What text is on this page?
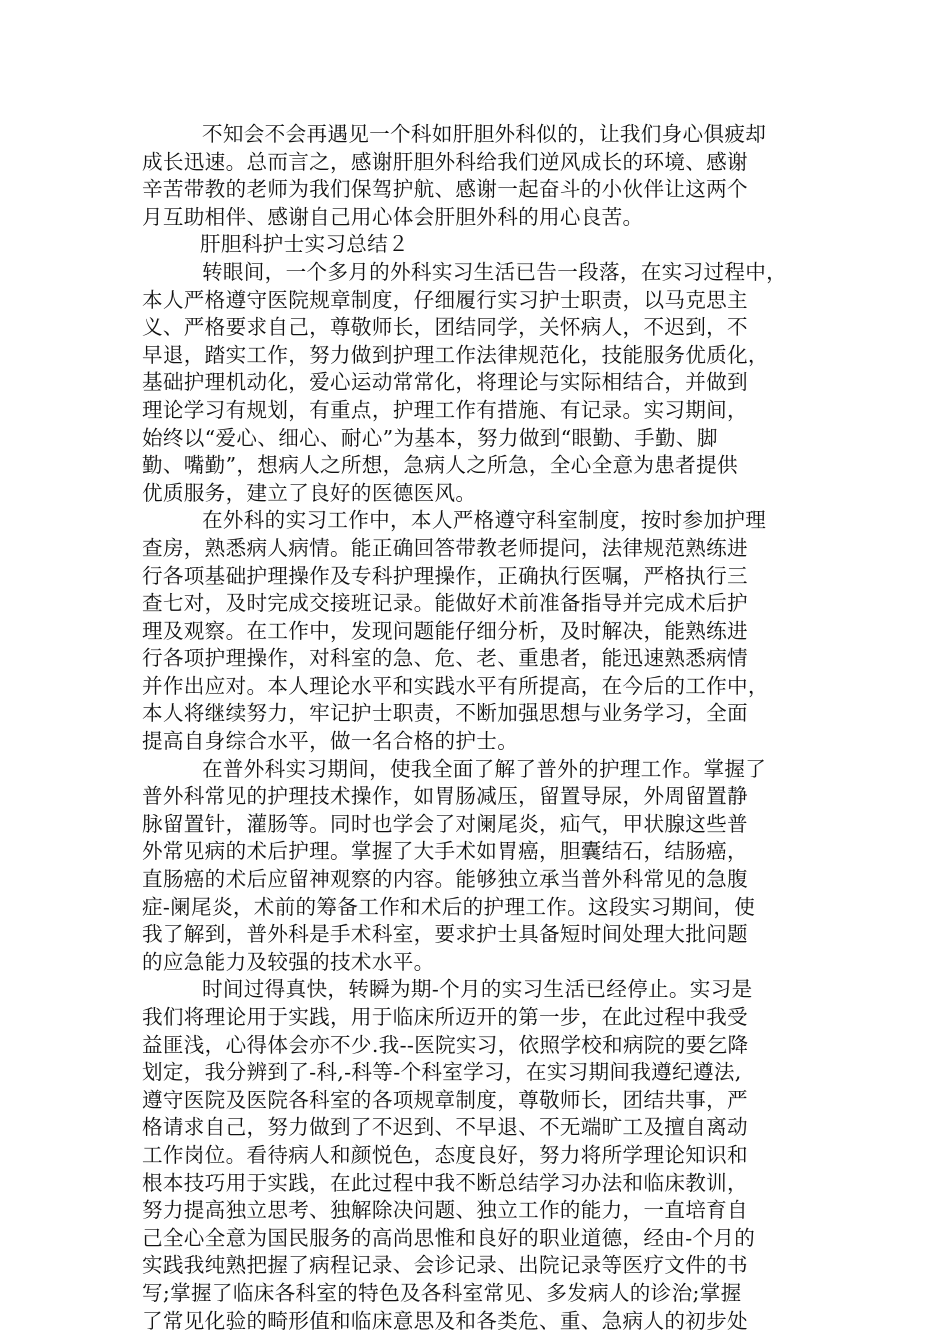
不知会不会再遇见一个科如肝胆外科似的，让我们身心俱疲却
成长迅速。总而言之，感谢肝胆外科给我们逆风成长的环境、感谢
辛苦带教的老师为我们保驾护航、感谢一起奋斗的小伙伴让这两个
月互助相伴、感谢自己用心体会肝胆外科的用心良苦。
肝胆科护士实习总结２
转眼间，一个多月的外科实习生活已告一段落，在实习过程中，
本人严格遵守医院规章制度，仔细履行实习护士职责，以马克思主
义、严格要求自己，尊敬师长，团结同学，关怀病人，不迟到，不
早退，踏实工作，努力做到护理工作法律规范化，技能服务优质化，
基础护理机动化，爱心运动常常化，将理论与实际相结合，并做到
理论学习有规划，有重点，护理工作有措施、有记录。实习期间，
始终以“爱心、细心、耐心”为基本，努力做到“眼勤、手勤、脚
勤、嘴勤”，想病人之所想，急病人之所急，全心全意为患者提供
优质服务，建立了良好的医德医风。
在外科的实习工作中，本人严格遵守科室制度，按时参加护理
查房，熟悉病人病情。能正确回答带教老师提问，法律规范熟练进
行各项基础护理操作及专科护理操作，正确执行医嘱，严格执行三
查七对，及时完成交接班记录。能做好术前准备指导并完成术后护
理及观察。在工作中，发现问题能仔细分析，及时解决，能熟练进
行各项护理操作，对科室的急、危、老、重患者，能迅速熟悉病情
并作出应对。本人理论水平和实践水平有所提高，在今后的工作中，
本人将继续努力，牢记护士职责，不断加强思想与业务学习，全面
提高自身综合水平，做一名合格的护士。
在普外科实习期间，使我全面了解了普外的护理工作。掌握了
普外科常见的护理技术操作，如胃肠减压，留置导尿，外周留置静
脉留置针，灌肠等。同时也学会了对阑尾炎，疝气，甲状腺这些普
外常见病的术后护理。掌握了大手术如胃癌，胆囊结石，结肠癌，
直肠癌的术后应留神观察的内容。能够独立承当普外科常见的急腹
症-阑尾炎，术前的筹备工作和术后的护理工作。这段实习期间，使
我了解到，普外科是手术科室，要求护士具备短时间处理大批问题
的应急能力及较强的技术水平。
时间过得真快，转瞬为期-个月的实习生活已经停止。实习是
我们将理论用于实践，用于临床所迈开的第一步，在此过程中我受
益匪浅，心得体会亦不少.我--医院实习，依照学校和病院的要乞降
划定，我分辨到了-科,-科等-个科室学习，在实习期间我遵纪遵法,
遵守医院及医院各科室的各项规章制度，尊敬师长，团结共事，严
格请求自己，努力做到了不迟到、不早退、不无端旷工及擅自离动
工作岗位。看待病人和颜悦色，态度良好，努力将所学理论知识和
根本技巧用于实践，在此过程中我不断总结学习办法和临床教训，
努力提高独立思考、独解除决问题、独立工作的能力，一直培育自
己全心全意为国民服务的高尚思惟和良好的职业道德，经由-个月的
实践我纯熟把握了病程记录、会诊记录、出院记录等医疗文件的书
写;掌握了临床各科室的特色及各科室常见、多发病人的诊治;掌握
了常见化验的畸形值和临床意思及和各类危、重、急病人的初步处
